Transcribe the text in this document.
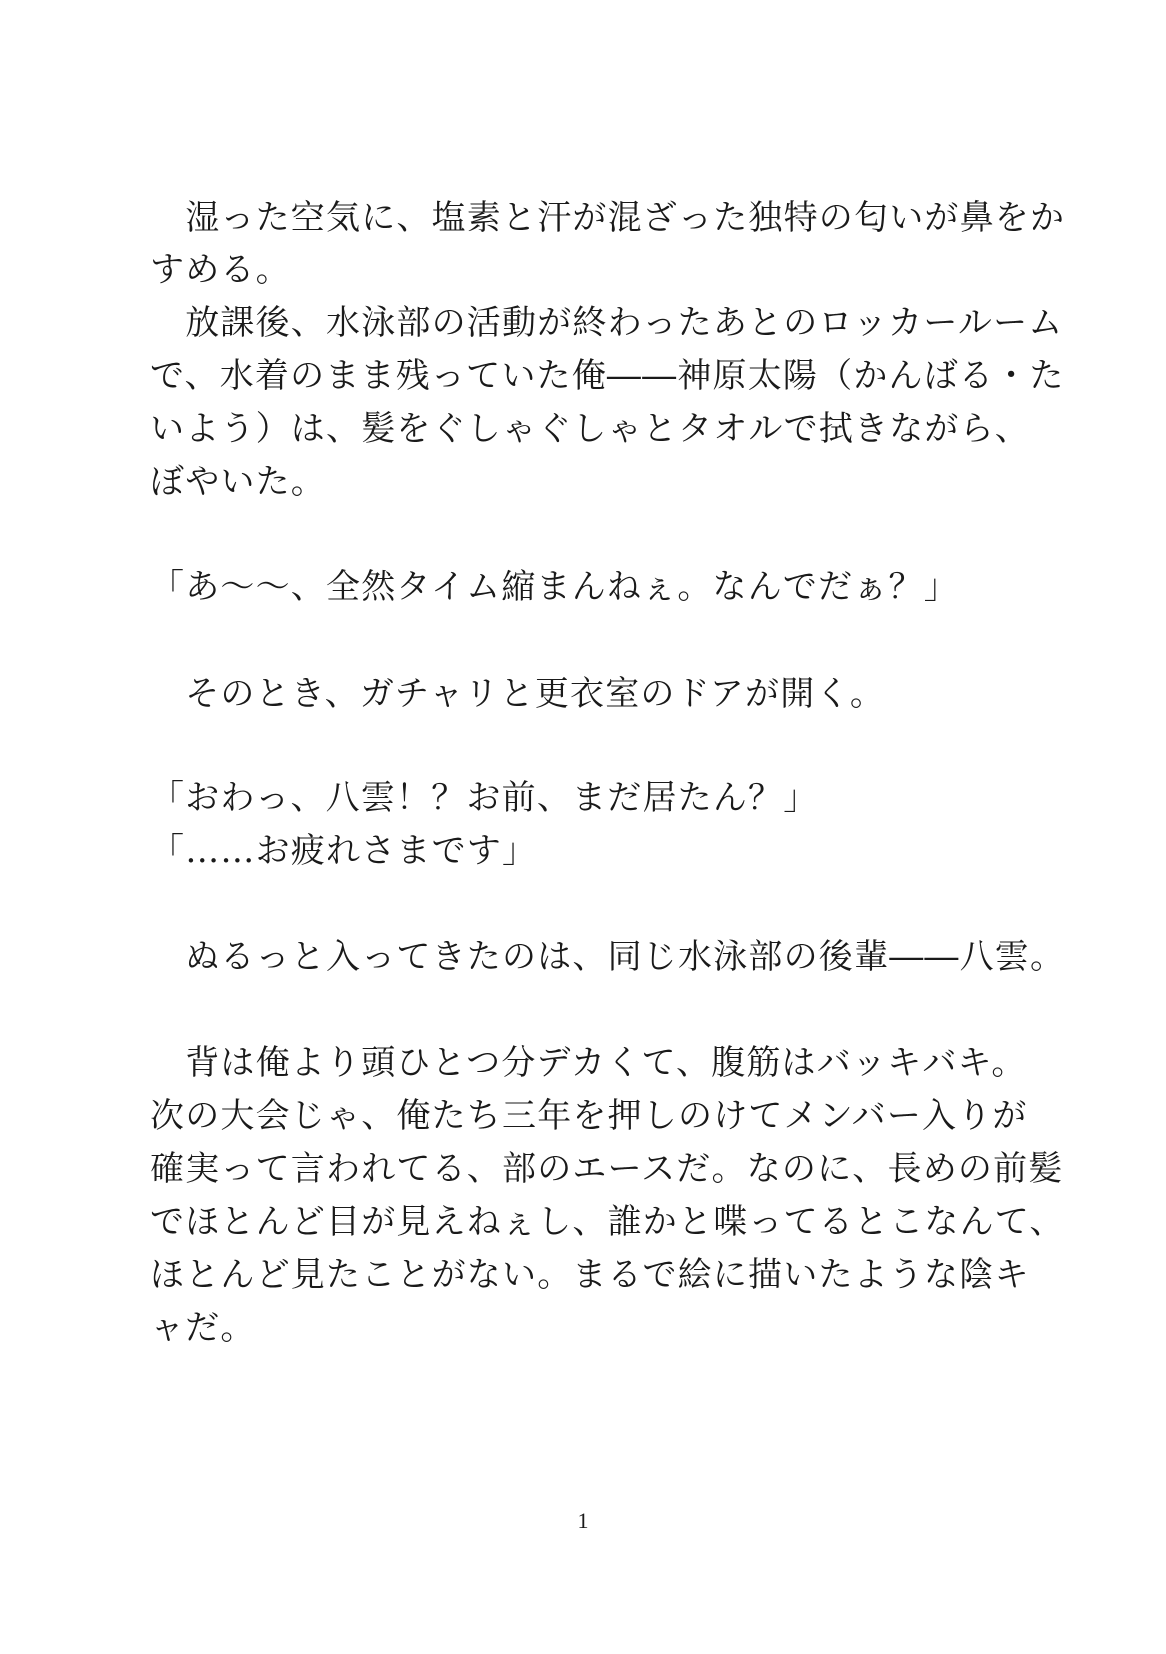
　湿った空気に、塩素と汗が混ざった独特の匂いが鼻をか
すめる。
　放課後、水泳部の活動が終わったあとのロッカールーム
で、水着のまま残っていた俺――神原太陽（かんばる・た
いよう）は、髪をぐしゃぐしゃとタオルで拭きながら、
ぼやいた。
「あ～～、全然タイム縮まんねぇ。なんでだぁ？」
　そのとき、ガチャリと更衣室のドアが開く。
「おわっ、八雲！？お前、まだ居たん？」
「……お疲れさまです」
　ぬるっと入ってきたのは、同じ水泳部の後輩――八雲。
　背は俺より頭ひとつ分デカくて、腹筋はバッキバキ。
次の大会じゃ、俺たち三年を押しのけてメンバー入りが
確実って言われてる、部のエースだ。なのに、長めの前髪
でほとんど目が見えねぇし、誰かと喋ってるとこなんて、
ほとんど見たことがない。まるで絵に描いたような陰キ
ャだ。
1
